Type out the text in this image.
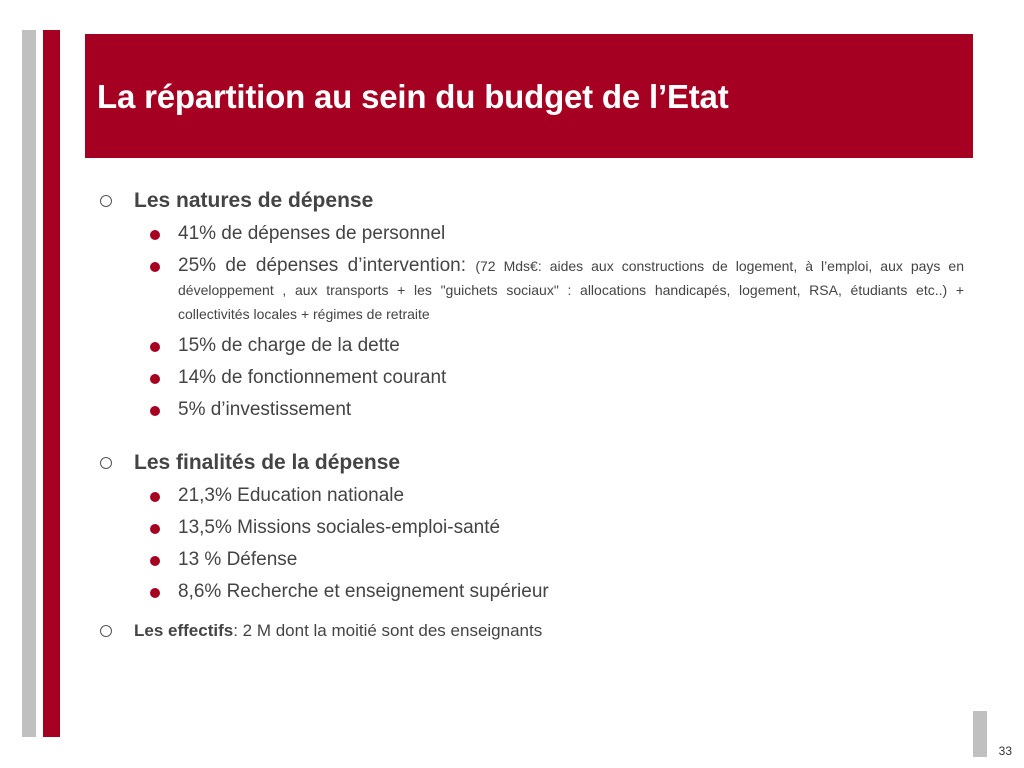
La répartition au sein du budget de l’Etat
Les natures de dépense
41% de dépenses de personnel
25% de dépenses d’intervention: (72 Mds€: aides aux constructions de logement, à l’emploi, aux pays en développement , aux transports + les "guichets sociaux" : allocations handicapés, logement, RSA, étudiants etc..) + collectivités locales + régimes de retraite
15% de charge de la dette
14% de fonctionnement courant
5% d’investissement
Les finalités de la dépense
21,3% Education nationale
13,5% Missions sociales-emploi-santé
13 % Défense
8,6% Recherche et enseignement supérieur
Les effectifs: 2 M dont la moitié sont des enseignants
33
